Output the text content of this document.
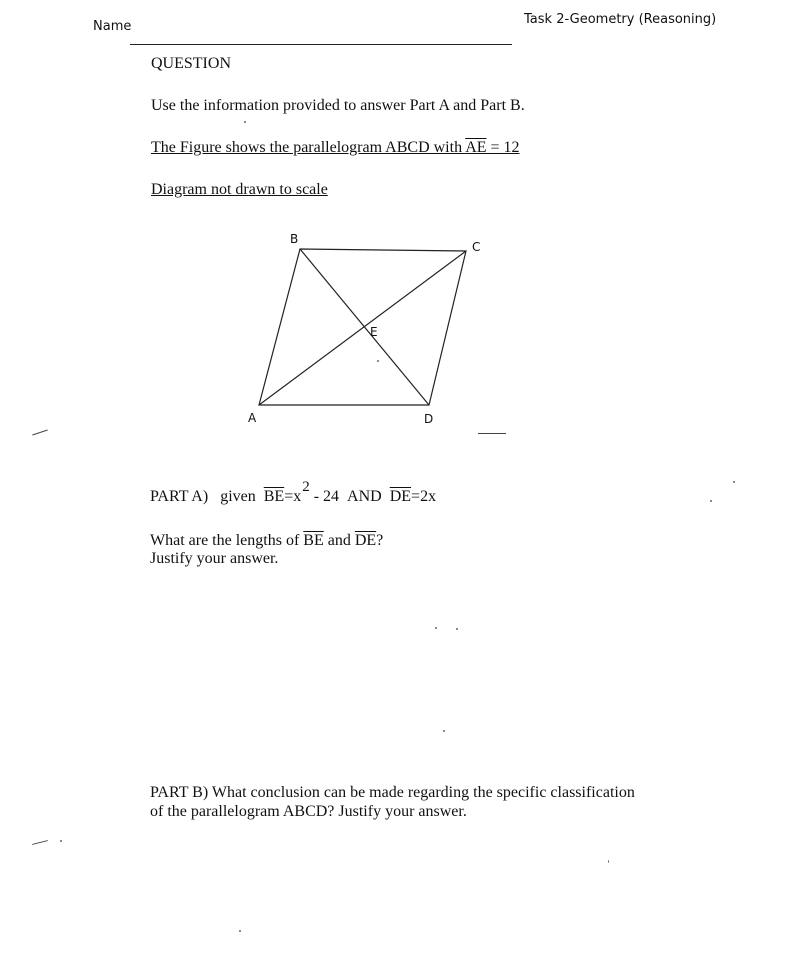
Name	Task 2-Geometry (Reasoning)
QUESTION
Use the information provided to answer Part A and Part B.
The Figure shows the parallelogram ABCD with AE = 12
Diagram not drawn to scale
B
C
E
A	D
PART A) given $\overline{BE}=x2 - 24$ AND $\overline{DE}=2x$
What are the lengths of $\overline{BE}$ and $\overline{DE}$?
Justify your answer.
PART B) What conclusion can be made regarding the specific classification
of the parallelogram ABCD? Justify your answer.
